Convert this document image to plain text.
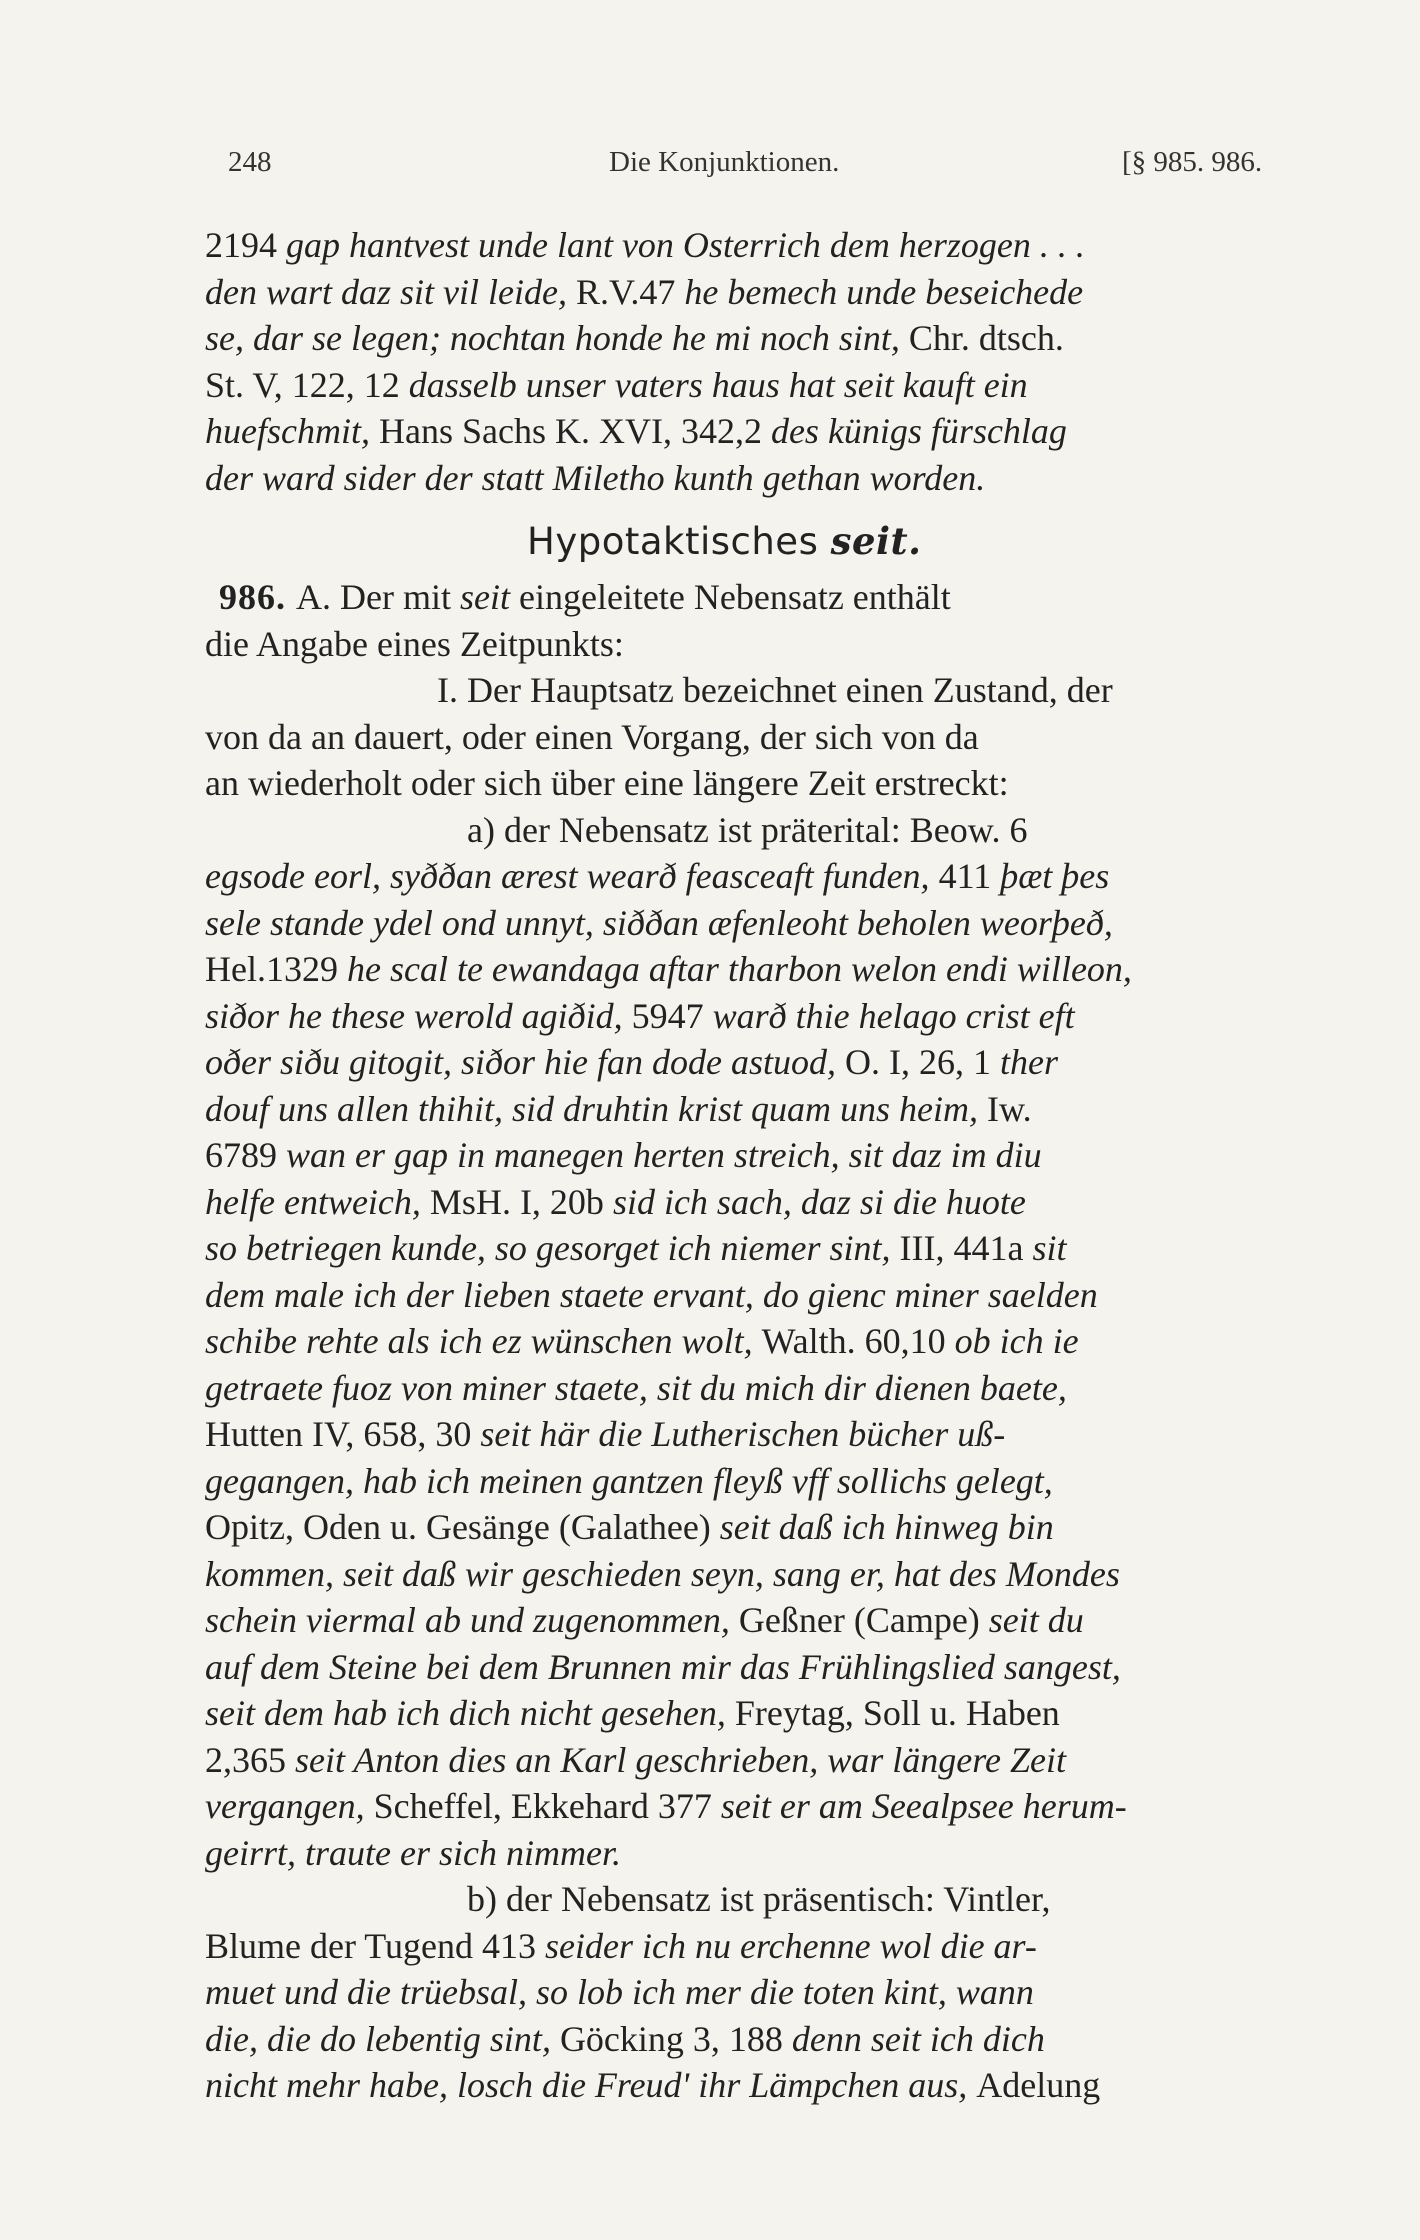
248	Die Konjunktionen.	[§ 985. 986.
2194 gap hantvest unde lant von Osterrich dem herzogen . . .
den wart daz sit vil leide, R.V.47 he bemech unde beseichede
se, dar se legen; nochtan honde he mi noch sint, Chr. dtsch.
St. V, 122, 12 dasselb unser vaters haus hat seit kauft ein
huefschmit, Hans Sachs K. XVI, 342,2 des künigs fürschlag
der ward sider der statt Miletho kunth gethan worden.
Hypotaktisches seit.
986. A. Der mit seit eingeleitete Nebensatz enthält
die Angabe eines Zeitpunkts:
I. Der Hauptsatz bezeichnet einen Zustand, der
von da an dauert, oder einen Vorgang, der sich von da
an wiederholt oder sich über eine längere Zeit erstreckt:
a) der Nebensatz ist präterital: Beow. 6
egsode eorl, syððan ærest wearð feasceaft funden, 411 þæt þes
sele stande ydel ond unnyt, siððan æfenleoht beholen weorþeð,
Hel.1329 he scal te ewandaga aftar tharbon welon endi willeon,
siðor he these werold agiðid, 5947 warð thie helago crist eft
oðer siðu gitogit, siðor hie fan dode astuod, O. I, 26, 1 ther
douf uns allen thihit, sid druhtin krist quam uns heim, Iw.
6789 wan er gap in manegen herten streich, sit daz im diu
helfe entweich, MsH. I, 20b sid ich sach, daz si die huote
so betriegen kunde, so gesorget ich niemer sint, III, 441a sit
dem male ich der lieben staete ervant, do gienc miner saelden
schibe rehte als ich ez wünschen wolt, Walth. 60,10 ob ich ie
getraete fuoz von miner staete, sit du mich dir dienen baete,
Hutten IV, 658, 30 seit här die Lutherischen bücher uß-
gegangen, hab ich meinen gantzen fleyß vff sollichs gelegt,
Opitz, Oden u. Gesänge (Galathee) seit daß ich hinweg bin
kommen, seit daß wir geschieden seyn, sang er, hat des Mondes
schein viermal ab und zugenommen, Geßner (Campe) seit du
auf dem Steine bei dem Brunnen mir das Frühlingslied sangest,
seit dem hab ich dich nicht gesehen, Freytag, Soll u. Haben
2,365 seit Anton dies an Karl geschrieben, war längere Zeit
vergangen, Scheffel, Ekkehard 377 seit er am Seealpsee herum-
geirrt, traute er sich nimmer.
b) der Nebensatz ist präsentisch: Vintler,
Blume der Tugend 413 seider ich nu erchenne wol die ar-
muet und die trüebsal, so lob ich mer die toten kint, wann
die, die do lebentig sint, Göcking 3, 188 denn seit ich dich
nicht mehr habe, losch die Freud' ihr Lämpchen aus, Adelung
